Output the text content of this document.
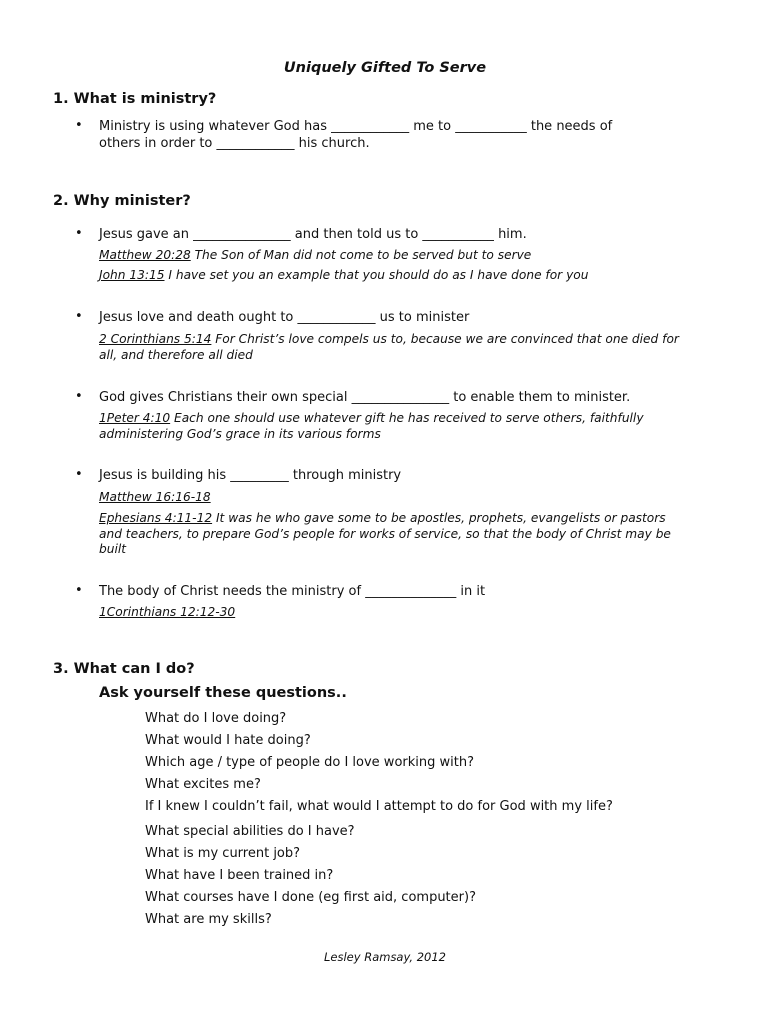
Uniquely Gifted To Serve
1. What is ministry?
• Ministry is using whatever God has ____________ me to ___________ the needs of
others in order to ____________ his church.
2. Why minister?
• Jesus gave an _______________ and then told us to ___________ him.
Matthew 20:28 The Son of Man did not come to be served but to serve
John 13:15 I have set you an example that you should do as I have done for you
• Jesus love and death ought to ____________ us to minister
2 Corinthians 5:14 For Christ’s love compels us to, because we are convinced that one died for
all, and therefore all died
• God gives Christians their own special _______________ to enable them to minister.
1Peter 4:10 Each one should use whatever gift he has received to serve others, faithfully
administering God’s grace in its various forms
• Jesus is building his _________ through ministry
Matthew 16:16-18
Ephesians 4:11-12 It was he who gave some to be apostles, prophets, evangelists or pastors
and teachers, to prepare God’s people for works of service, so that the body of Christ may be
built
• The body of Christ needs the ministry of ______________ in it
1Corinthians 12:12-30
3. What can I do?
Ask yourself these questions..
What do I love doing?
What would I hate doing?
Which age / type of people do I love working with?
What excites me?
If I knew I couldn’t fail, what would I attempt to do for God with my life?
What special abilities do I have?
What is my current job?
What have I been trained in?
What courses have I done (eg first aid, computer)?
What are my skills?
Lesley Ramsay, 2012
